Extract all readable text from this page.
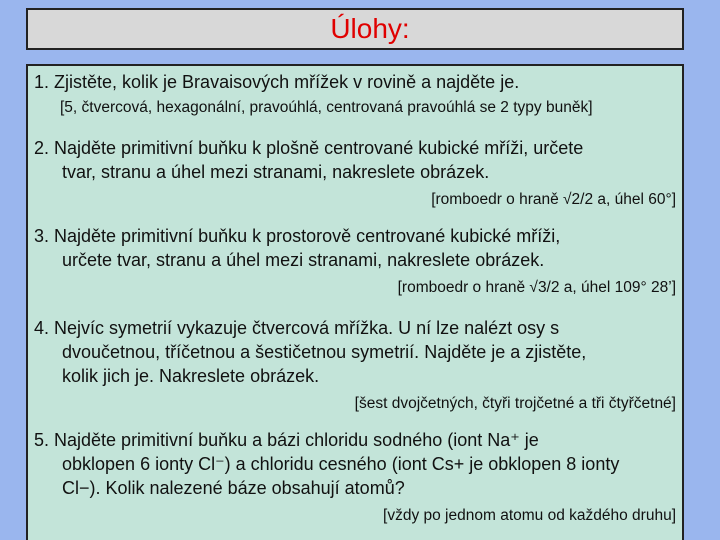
Úlohy:

1. Zjistěte, kolik je Bravaisových mřížek v rovině a najděte je.

[5, čtvercová, hexagonální, pravoúhlá, centrovaná pravoúhlá se 2 typy buněk]

2. Najděte primitivní buňku k plošně centrované kubické mříži, určete
tvar, stranu a úhel mezi stranami, nakreslete obrázek.

[romboedr o hraně √2/2 a, úhel 60°]

3. Najděte primitivní buňku k prostorově centrované kubické mříži,
určete tvar, stranu a úhel mezi stranami, nakreslete obrázek.

[romboedr o hraně √3/2 a, úhel 109° 28’]

4. Nejvíc symetrií vykazuje čtvercová mřížka. U ní lze nalézt osy s
dvoučetnou, tříčetnou a šestičetnou symetrií. Najděte je a zjistěte,
kolik jich je. Nakreslete obrázek.

[šest dvojčetných, čtyři trojčetné a tři čtyřčetné]

5. Najděte primitivní buňku a bázi chloridu sodného (iont Na⁺ je
obklopen 6 ionty Cl⁻) a chloridu cesného (iont Cs+ je obklopen 8 ionty
Cl−). Kolik nalezené báze obsahují atomů?

[vždy po jednom atomu od každého druhu]
